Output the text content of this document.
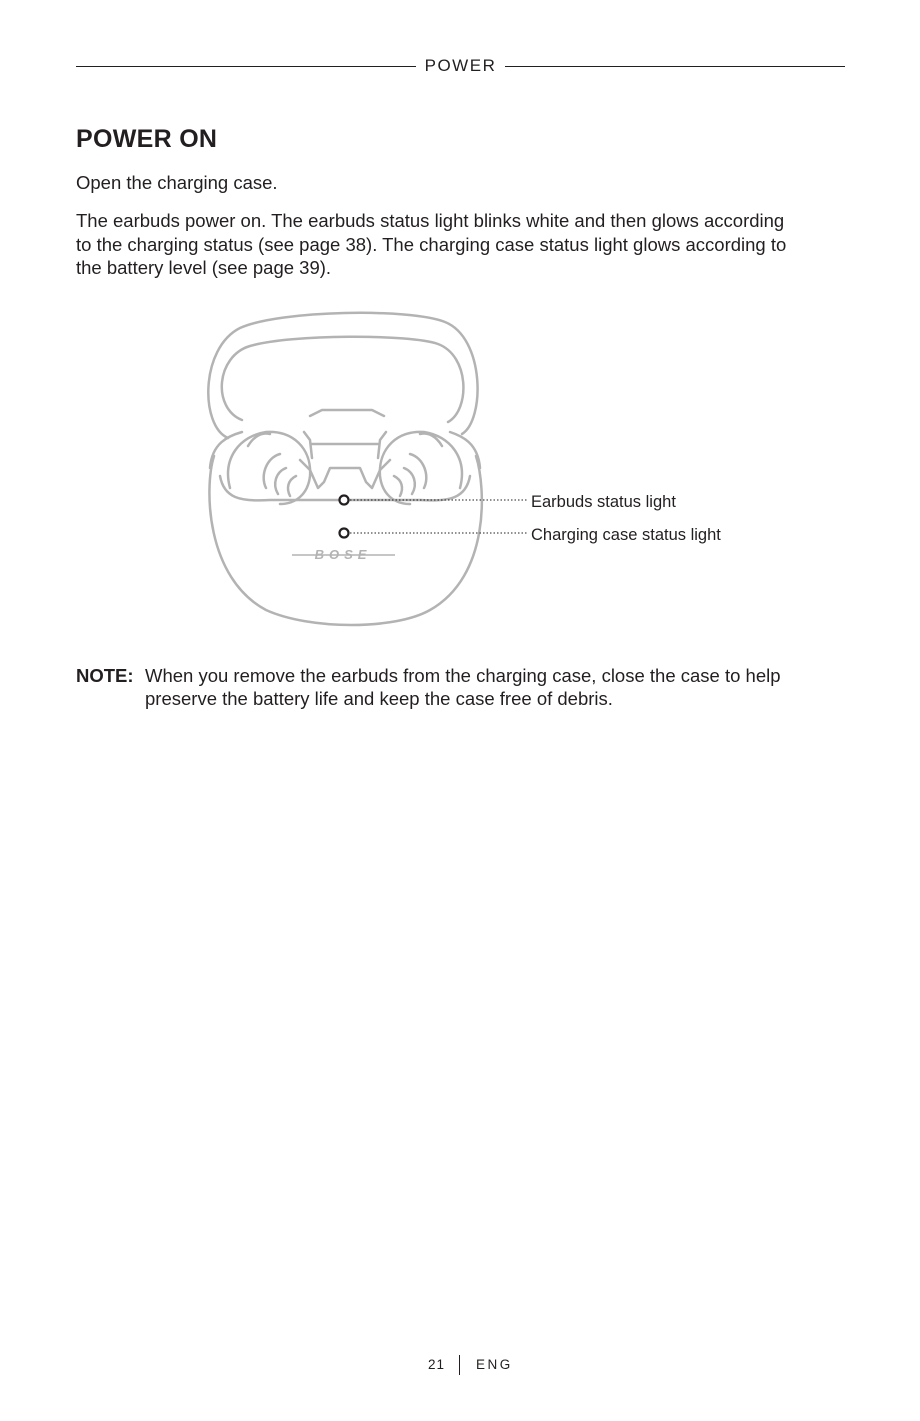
POWER
POWER ON

Open the charging case.

The earbuds power on. The earbuds status light blinks white and then glows according to the charging status (see page 38). The charging case status light glows according to the battery level (see page 39).

BOSE
Earbuds status light
Charging case status light
NOTE: When you remove the earbuds from the charging case, close the case to help preserve the battery life and keep the case free of debris.
21 ENG
